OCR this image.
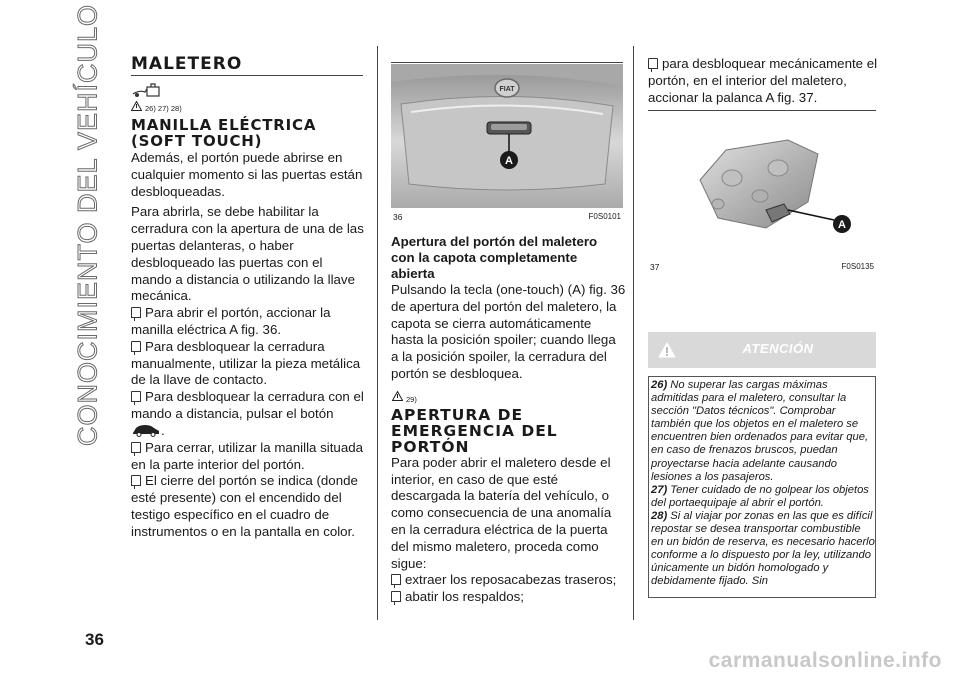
CONOCIMIENTO DEL VEHÍCULO MALETERO
26) 27) 28)
MANILLA ELÉCTRICA
(SOFT TOUCH)

Además, el portón puede abrirse en cualquier momento si las puertas están desbloqueadas.

Para abrirla, se debe habilitar la cerradura con la apertura de una de las puertas delanteras, o haber desbloqueado las puertas con el mando a distancia o utilizando la llave mecánica.

Para abrir el portón, accionar la manilla eléctrica A fig. 36.

Para desbloquear la cerradura manualmente, utilizar la pieza metálica de la llave de contacto.

Para desbloquear la cerradura con el mando a distancia, pulsar el botón

.

Para cerrar, utilizar la manilla situada en la parte interior del portón.

El cierre del portón se indica (donde esté presente) con el encendido del testigo específico en el cuadro de instrumentos o en la pantalla en color.

FIAT
A
36	F0S0101
Apertura del portón del maletero
con la capota completamente
abierta

Pulsando la tecla (one-touch) (A) fig. 36 de apertura del portón del maletero, la capota se cierra automáticamente hasta la posición spoiler; cuando llega a la posición spoiler, la cerradura del portón se desbloquea.

29)
APERTURA DE
EMERGENCIA DEL
PORTÓN

Para poder abrir el maletero desde el interior, en caso de que esté descargada la batería del vehículo, o como consecuencia de una anomalía en la cerradura eléctrica de la puerta del mismo maletero, proceda como sigue:

extraer los reposacabezas traseros;

abatir los respaldos;

para desbloquear mecánicamente el portón, en el interior del maletero, accionar la palanca A fig. 37.

A
37	F0S0135
ATENCIÓN

26) No superar las cargas máximas admitidas para el maletero, consultar la sección "Datos técnicos". Comprobar también que los objetos en el maletero se encuentren bien ordenados para evitar que, en caso de frenazos bruscos, puedan proyectarse hacia adelante causando lesiones a los pasajeros.

27) Tener cuidado de no golpear los objetos del portaequipaje al abrir el portón.

28) Si al viajar por zonas en las que es difícil repostar se desea transportar combustible en un bidón de reserva, es necesario hacerlo conforme a lo dispuesto por la ley, utilizando únicamente un bidón homologado y debidamente fijado. Sin

36
carmanualsonline.info
